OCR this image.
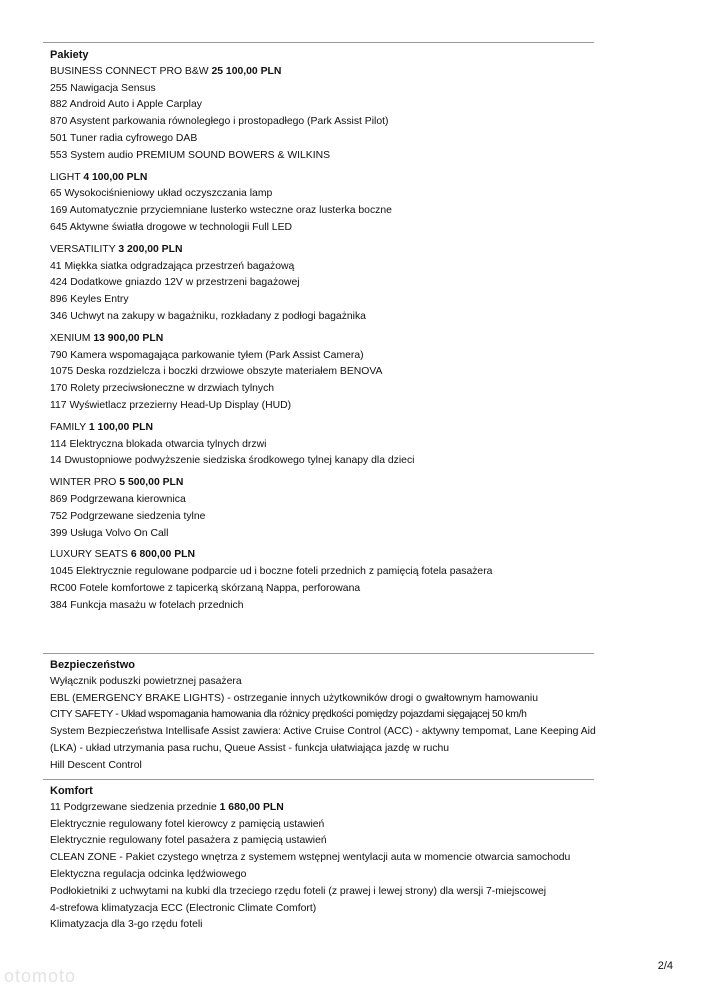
Pakiety
BUSINESS CONNECT PRO B&W 25 100,00 PLN
255 Nawigacja Sensus
882 Android Auto i Apple Carplay
870 Asystent parkowania równoległego i prostopadłego (Park Assist Pilot)
501 Tuner radia cyfrowego DAB
553 System audio PREMIUM SOUND BOWERS & WILKINS
LIGHT 4 100,00 PLN
65 Wysokociśnieniowy układ oczyszczania lamp
169 Automatycznie przyciemniane lusterko wsteczne oraz lusterka boczne
645 Aktywne światła drogowe w technologii Full LED
VERSATILITY 3 200,00 PLN
41 Miękka siatka odgradzająca przestrzeń bagażową
424 Dodatkowe gniazdo 12V w przestrzeni bagażowej
896 Keyles Entry
346 Uchwyt na zakupy w bagażniku, rozkładany z podłogi bagażnika
XENIUM 13 900,00 PLN
790 Kamera wspomagająca parkowanie tyłem (Park Assist Camera)
1075 Deska rozdzielcza i boczki drzwiowe obszyte materiałem BENOVA
170 Rolety przeciwsłoneczne w drzwiach tylnych
117 Wyświetlacz przezierny Head-Up Display (HUD)
FAMILY 1 100,00 PLN
114 Elektryczna blokada otwarcia tylnych drzwi
14 Dwustopniowe podwyższenie siedziska środkowego tylnej kanapy dla dzieci
WINTER PRO 5 500,00 PLN
869 Podgrzewana kierownica
752 Podgrzewane siedzenia tylne
399 Usługa Volvo On Call
LUXURY SEATS 6 800,00 PLN
1045 Elektrycznie regulowane podparcie ud i boczne foteli przednich z pamięcią fotela pasażera
RC00 Fotele komfortowe z tapicerką skórzaną Nappa, perforowana
384 Funkcja masażu w fotelach przednich
Bezpieczeństwo
Wyłącznik poduszki powietrznej pasażera
EBL (EMERGENCY BRAKE LIGHTS) - ostrzeganie innych użytkowników drogi o gwałtownym hamowaniu
CITY SAFETY - Układ wspomagania hamowania dla różnicy prędkości pomiędzy pojazdami sięgającej 50 km/h
System Bezpieczeństwa Intellisafe Assist zawiera: Active Cruise Control (ACC) - aktywny tempomat, Lane Keeping Aid (LKA) - układ utrzymania pasa ruchu, Queue Assist - funkcja ułatwiająca jazdę w ruchu
Hill Descent Control
Komfort
11 Podgrzewane siedzenia przednie 1 680,00 PLN
Elektrycznie regulowany fotel kierowcy z pamięcią ustawień
Elektrycznie regulowany fotel pasażera z pamięcią ustawień
CLEAN ZONE - Pakiet czystego wnętrza z systemem wstępnej wentylacji auta w momencie otwarcia samochodu
Elektyczna regulacja odcinka lędźwiowego
Podłokietniki z uchwytami na kubki dla trzeciego rzędu foteli (z prawej i lewej strony) dla wersji 7-miejscowej
4-strefowa klimatyzacja ECC (Electronic Climate Comfort)
Klimatyzacja dla 3-go rzędu foteli
2/4
otomoto
